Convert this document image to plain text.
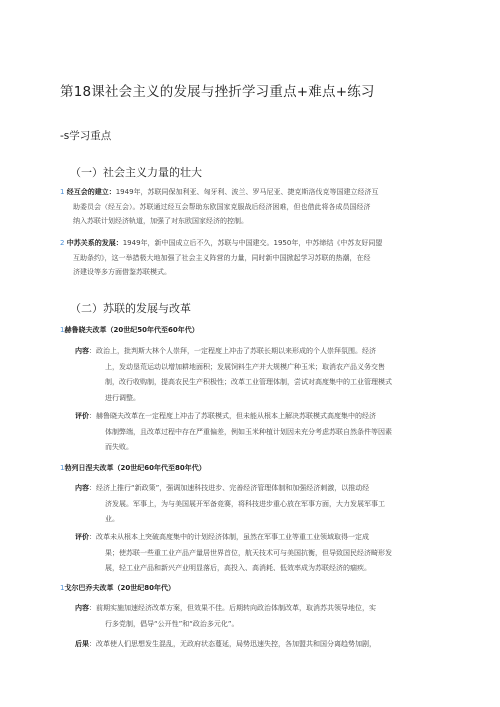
第18课社会主义的发展与挫折学习重点+难点+练习
-s学习重点
（一）社会主义力量的壮大
1 经互会的建立：1949年，苏联同保加利亚、匈牙利、波兰、罗马尼亚、捷克斯洛伐克等国建立经济互
助委员会（经互会）。苏联通过经互会帮助东欧国家克服战后经济困难，但也借此将各成员国经济
纳入苏联计划经济轨道，加强了对东欧国家经济的控制。
2 中苏关系的发展：1949年，新中国成立后不久，苏联与中国建交。1950年，中苏缔结《中苏友好同盟
互助条约》，这一举措极大地加强了社会主义阵营的力量，同时新中国掀起学习苏联的热潮，在经
济建设等多方面借鉴苏联模式。
（二）苏联的发展与改革
1赫鲁晓夫改革（20世纪50年代至60年代）
内容：政治上，批判斯大林个人崇拜，一定程度上冲击了苏联长期以来形成的个人崇拜氛围。经济
上，发动垦荒运动以增加耕地面积；发展饲料生产并大规模广种玉米；取消农产品义务交售
制，改行收购制，提高农民生产积极性；改革工业管理体制，尝试对高度集中的工业管理模式
进行调整。
评价：赫鲁晓夫改革在一定程度上冲击了苏联模式，但未能从根本上解决苏联模式高度集中的经济
体制弊端，且改革过程中存在严重偏差，例如玉米种植计划因未充分考虑苏联自然条件等因素
而失败。
1勃列日涅夫改革（20世纪60年代至80年代）
内容：经济上推行“新政策”，强调加速科技进步、完善经济管理体制和加强经济刺激，以推动经
济发展。军事上，为与美国展开军备竞赛，将科技进步重心放在军事方面，大力发展军事工
业。
评价：改革未从根本上突破高度集中的计划经济体制，虽然在军事工业等重工业领域取得一定成
果；使苏联一些重工业产品产量居世界首位，航天技术可与美国抗衡，但导致国民经济畸形发
展，轻工业产品和新兴产业明显落后，高投入、高消耗、低效率成为苏联经济的痼疾。
1戈尔巴乔夫改革（20世纪80年代）
内容：前期实施加速经济改革方案，但效果不佳。后期转向政治体制改革，取消苏共领导地位，实
行多党制，倡导“公开性”和“政治多元化”。
后果：改革使人们思想发生混乱，无政府状态蔓延，局势迅速失控，各加盟共和国分离趋势加剧，
